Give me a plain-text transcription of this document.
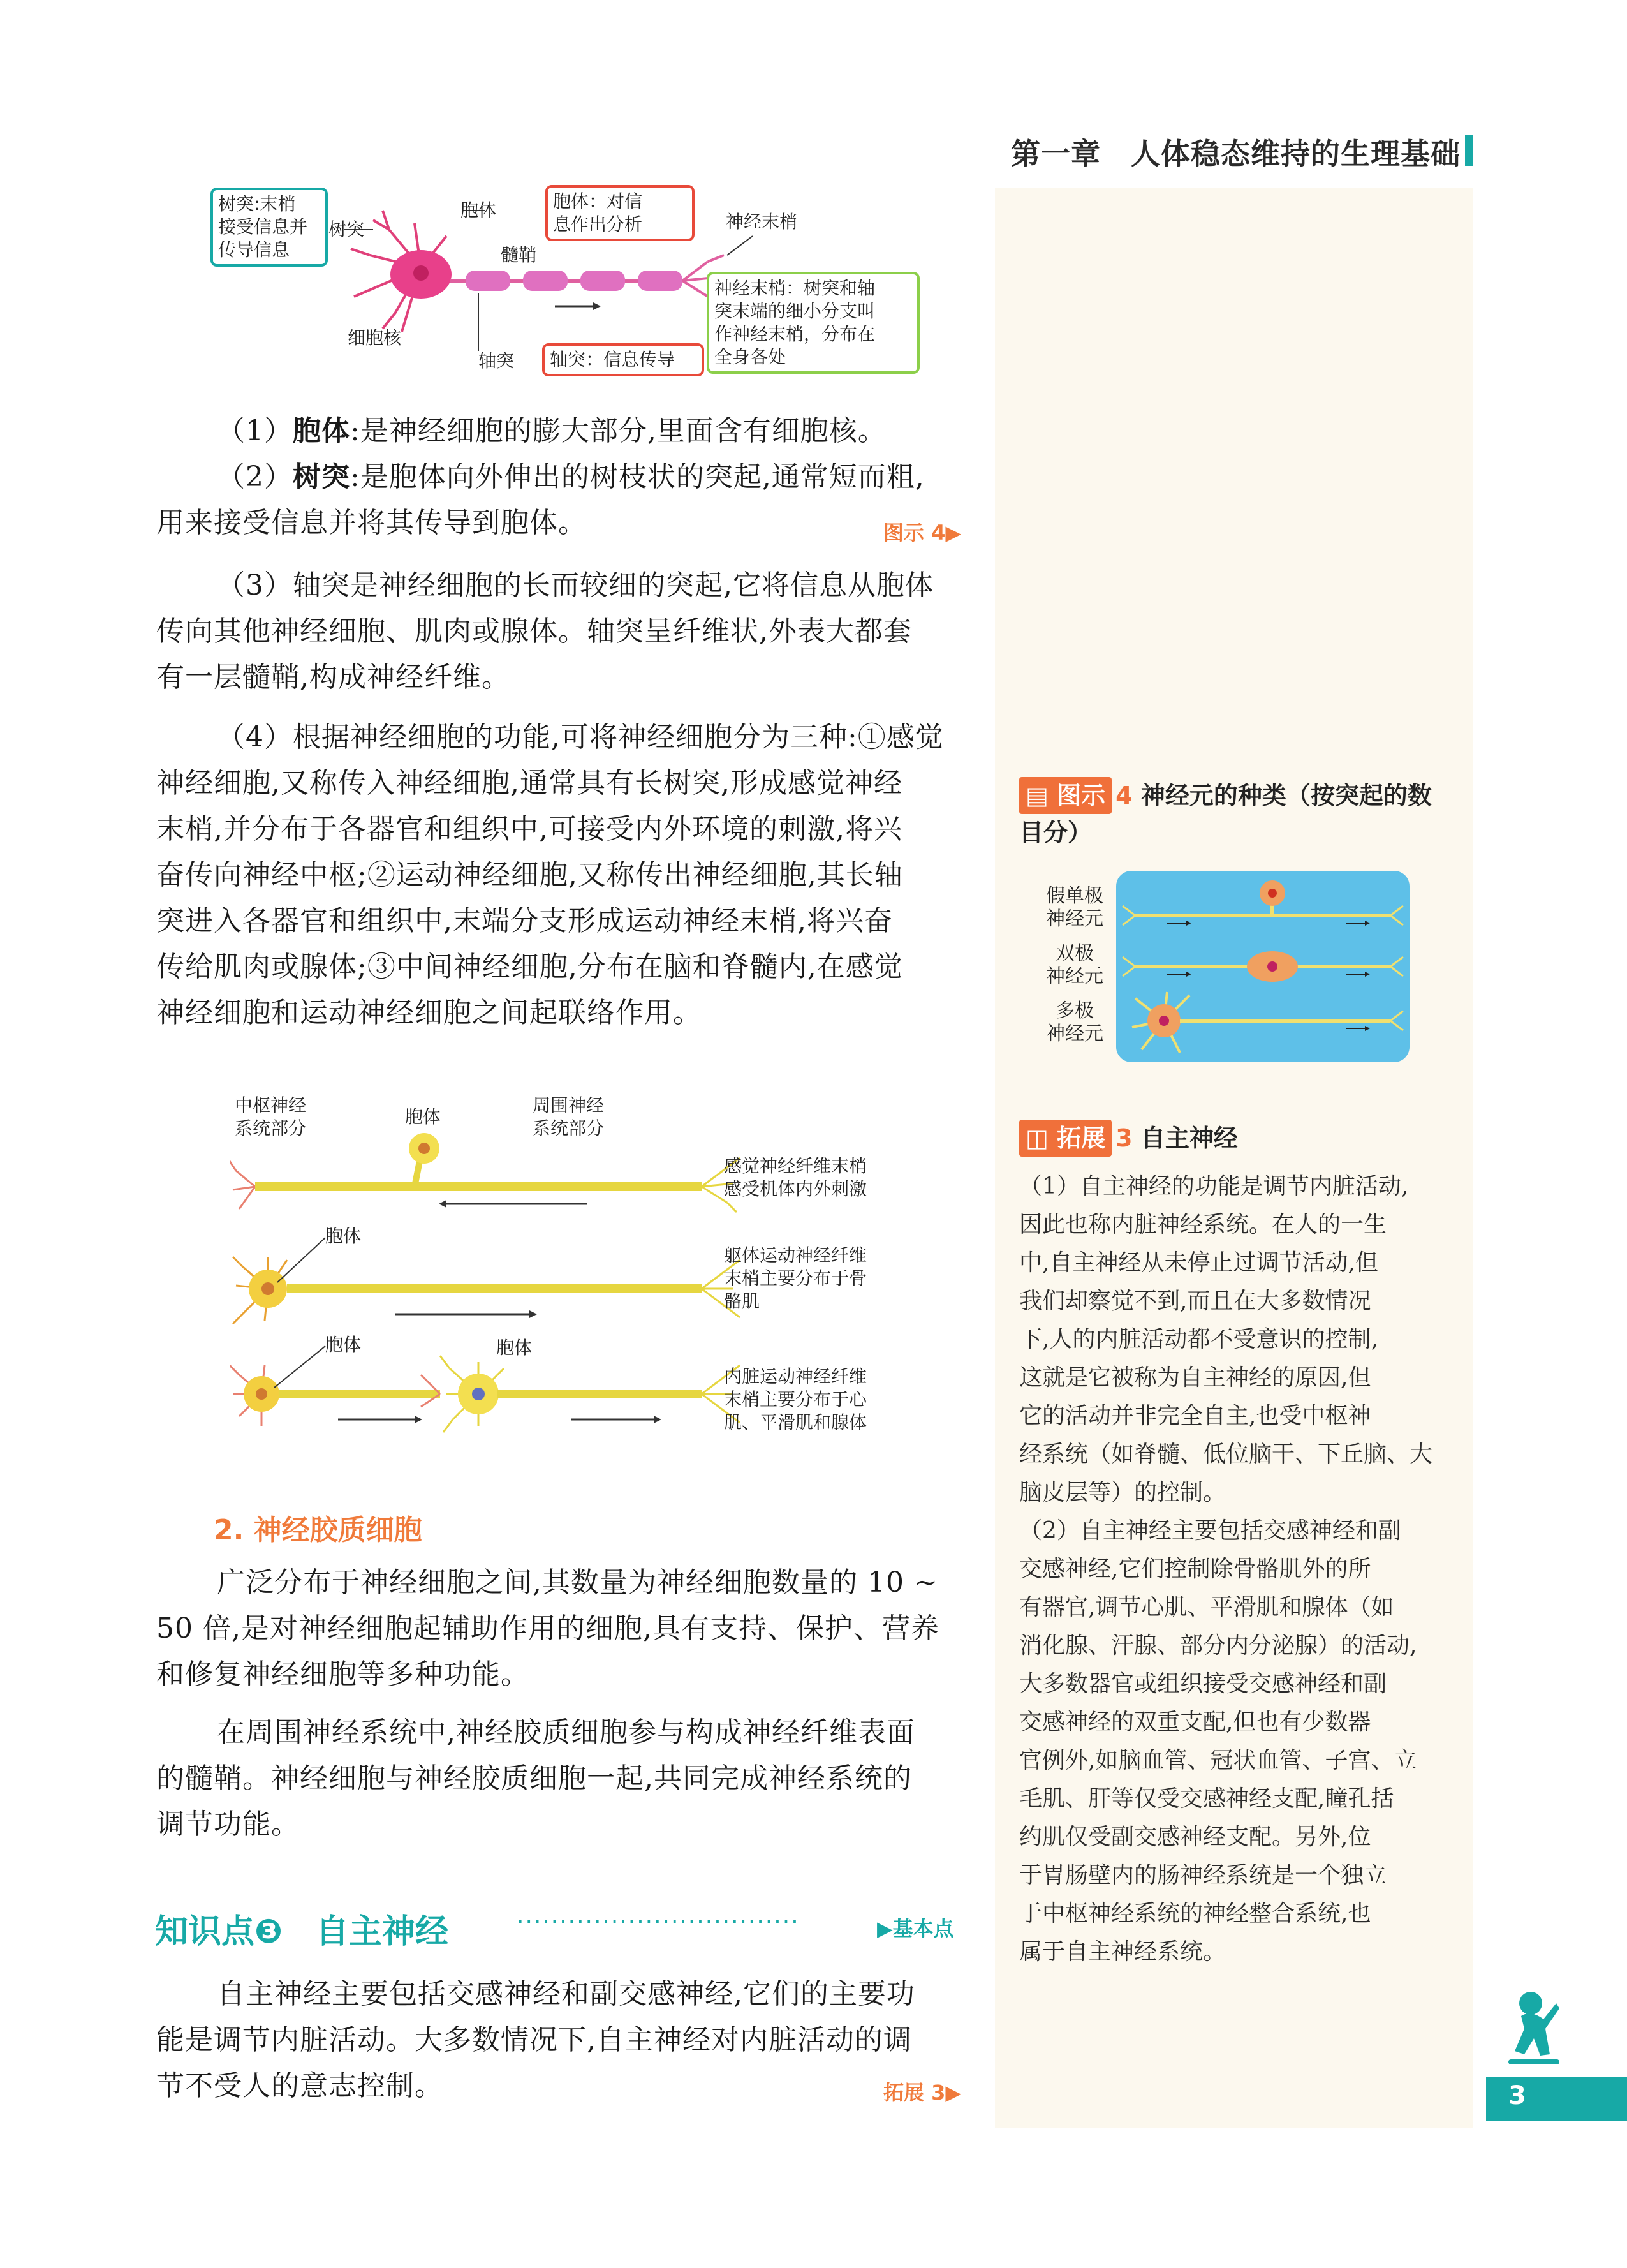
第一章　人体稳态维持的生理基础
树突:末梢
接受信息并
传导信息
树突
胞体	胞体：对信
息作出分析
髓鞘
神经末梢
神经末梢：树突和轴
突末端的细小分支叫
作神经末梢，分布在
全身各处
细胞核
轴突	轴突：信息传导
（1）胞体:是神经细胞的膨大部分,里面含有细胞核。
（2）树突:是胞体向外伸出的树枝状的突起,通常短而粗,
用来接受信息并将其传导到胞体。	图示 4▶
（3）轴突是神经细胞的长而较细的突起,它将信息从胞体
传向其他神经细胞、肌肉或腺体。轴突呈纤维状,外表大都套
有一层髓鞘,构成神经纤维。
（4）根据神经细胞的功能,可将神经细胞分为三种:①感觉
神经细胞,又称传入神经细胞,通常具有长树突,形成感觉神经
末梢,并分布于各器官和组织中,可接受内外环境的刺激,将兴
奋传向神经中枢;②运动神经细胞,又称传出神经细胞,其长轴
突进入各器官和组织中,末端分支形成运动神经末梢,将兴奋
传给肌肉或腺体;③中间神经细胞,分布在脑和脊髓内,在感觉
神经细胞和运动神经细胞之间起联络作用。
中枢神经
系统部分
胞体
周围神经
系统部分
感觉神经纤维末梢
感受机体内外刺激
胞体
躯体运动神经纤维
末梢主要分布于骨
骼肌
胞体
胞体
内脏运动神经纤维
末梢主要分布于心
肌、平滑肌和腺体
2. 神经胶质细胞
广泛分布于神经细胞之间,其数量为神经细胞数量的 10 ~
50 倍,是对神经细胞起辅助作用的细胞,具有支持、保护、营养
和修复神经细胞等多种功能。
在周围神经系统中,神经胶质细胞参与构成神经纤维表面
的髓鞘。神经细胞与神经胶质细胞一起,共同完成神经系统的
调节功能。
知识点❸　自主神经	·································	▶基本点
自主神经主要包括交感神经和副交感神经,它们的主要功
能是调节内脏活动。大多数情况下,自主神经对内脏活动的调
节不受人的意志控制。	拓展 3▶
▤ 图示 4 神经元的种类（按突起的数
目分）
假单极
神经元
双极
神经元
多极
神经元
◫ 拓展 3 自主神经
（1）自主神经的功能是调节内脏活动,
因此也称内脏神经系统。在人的一生
中,自主神经从未停止过调节活动,但
我们却察觉不到,而且在大多数情况
下,人的内脏活动都不受意识的控制,
这就是它被称为自主神经的原因,但
它的活动并非完全自主,也受中枢神
经系统（如脊髓、低位脑干、下丘脑、大
脑皮层等）的控制。
（2）自主神经主要包括交感神经和副
交感神经,它们控制除骨骼肌外的所
有器官,调节心肌、平滑肌和腺体（如
消化腺、汗腺、部分内分泌腺）的活动,
大多数器官或组织接受交感神经和副
交感神经的双重支配,但也有少数器
官例外,如脑血管、冠状血管、子宫、立
毛肌、肝等仅受交感神经支配,瞳孔括
约肌仅受副交感神经支配。另外,位
于胃肠壁内的肠神经系统是一个独立
于中枢神经系统的神经整合系统,也
属于自主神经系统。
3
